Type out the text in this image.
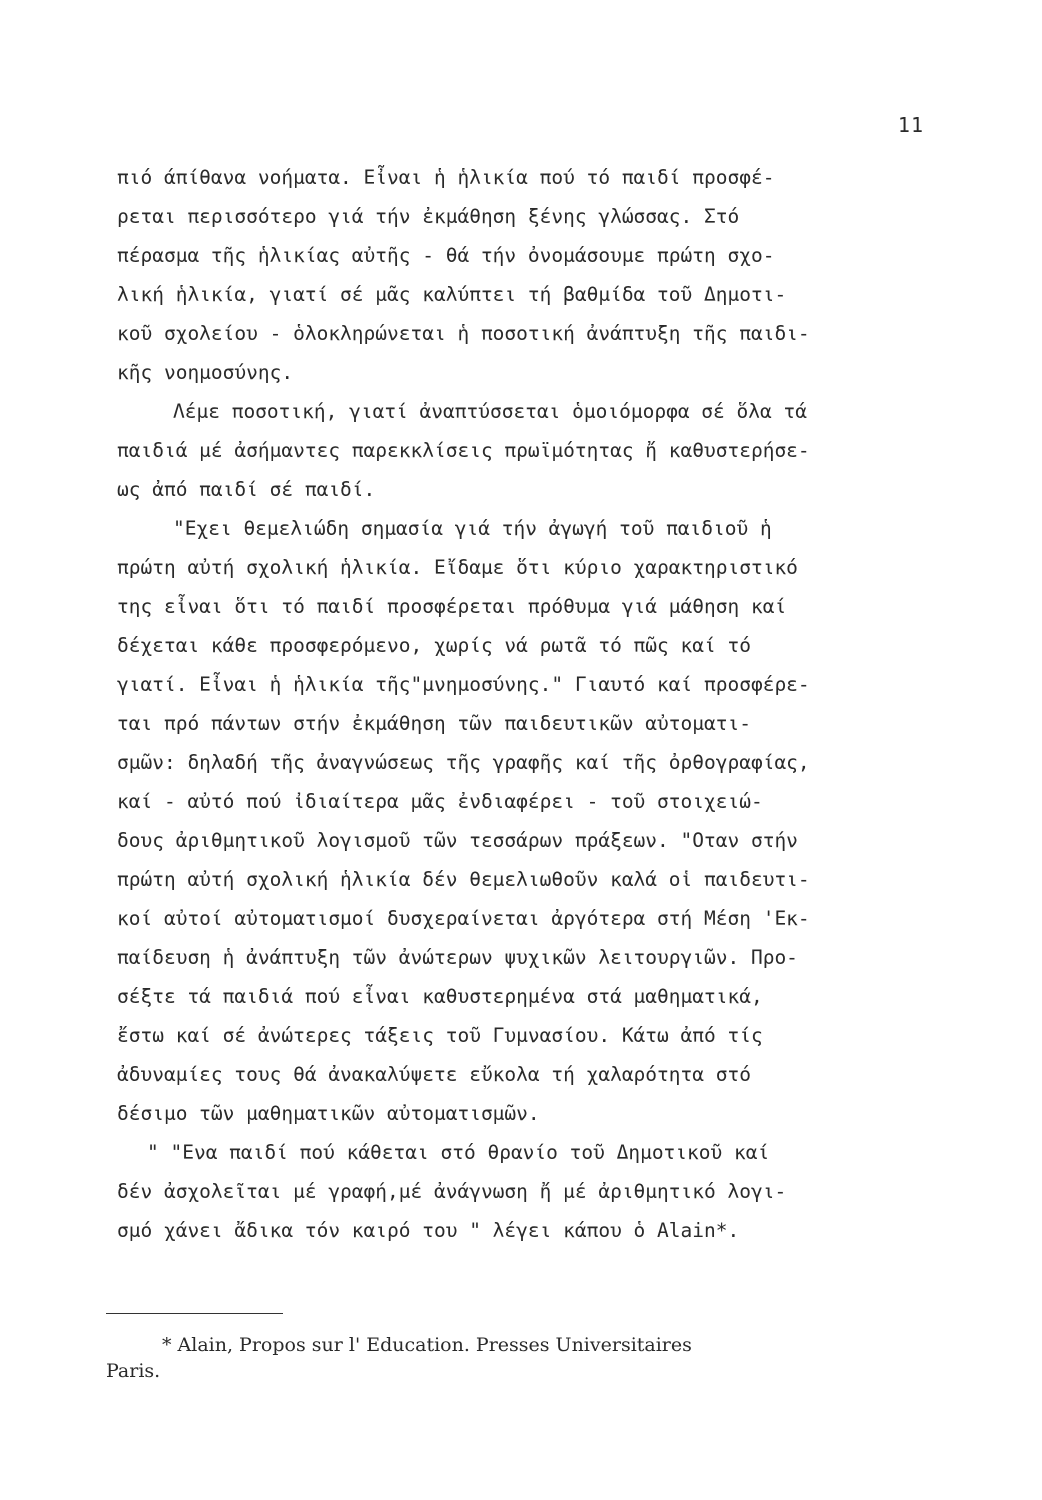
11
πιό άπίθανα νοήματα. Εἶναι ἡ ἡλικία πού τό παιδί προσφέ-
ρεται περισσότερο γιά τήν ἐκμάθηση ξένης γλώσσας. Στό
πέρασμα τῆς ἡλικίας αὐτῆς - θά τήν ὀνομάσουμε πρώτη σχο-
λική ἡλικία, γιατί σέ μᾶς καλύπτει τή βαθμίδα τοῦ Δημοτι-
κοῦ σχολείου - ὁλοκληρώνεται ἡ ποσοτική ἀνάπτυξη τῆς παιδι-
κῆς νοημοσύνης.
Λέμε ποσοτική, γιατί ἀναπτύσσεται ὁμοιόμορφα σέ ὅλα τά
παιδιά μέ ἀσήμαντες παρεκκλίσεις πρωϊμότητας ἤ καθυστερήσε-
ως ἀπό παιδί σέ παιδί.
"Εχει θεμελιώδη σημασία γιά τήν ἀγωγή τοῦ παιδιοῦ ἡ
πρώτη αὐτή σχολική ἡλικία. Εἴδαμε ὅτι κύριο χαρακτηριστικό
της εἶναι ὅτι τό παιδί προσφέρεται πρόθυμα γιά μάθηση καί
δέχεται κάθε προσφερόμενο, χωρίς νά ρωτᾶ τό πῶς καί τό
γιατί. Εἶναι ἡ ἡλικία τῆς"μνημοσύνης." Γιαυτό καί προσφέρε-
ται πρό πάντων στήν ἐκμάθηση τῶν παιδευτικῶν αὐτοματι-
σμῶν: δηλαδή τῆς ἀναγνώσεως τῆς γραφῆς καί τῆς ὀρθογραφίας,
καί - αὐτό πού ἰδιαίτερα μᾶς ἐνδιαφέρει - τοῦ στοιχειώ-
δους ἀριθμητικοῦ λογισμοῦ τῶν τεσσάρων πράξεων. "Οταν στήν
πρώτη αὐτή σχολική ἡλικία δέν θεμελιωθοῦν καλά οἱ παιδευτι-
κοί αὐτοί αὐτοματισμοί δυσχεραίνεται ἀργότερα στή Μέση 'Εκ-
παίδευση ἡ ἀνάπτυξη τῶν ἀνώτερων ψυχικῶν λειτουργιῶν. Προ-
σέξτε τά παιδιά πού εἶναι καθυστερημένα στά μαθηματικά,
ἔστω καί σέ ἀνώτερες τάξεις τοῦ Γυμνασίου. Κάτω ἀπό τίς
ἀδυναμίες τους θά ἀνακαλύψετε εὔκολα τή χαλαρότητα στό
δέσιμο τῶν μαθηματικῶν αὐτοματισμῶν.
" "Ενα παιδί πού κάθεται στό θρανίο τοῦ Δημοτικοῦ καί
δέν ἀσχολεῖται μέ γραφή,μέ ἀνάγνωση ἤ μέ ἀριθμητικό λογι-
σμό χάνει ἄδικα τόν καιρό του " λέγει κάπου ὁ Alain*.
* Alain, Propos sur l' Education. Presses Universitaires
Paris.
